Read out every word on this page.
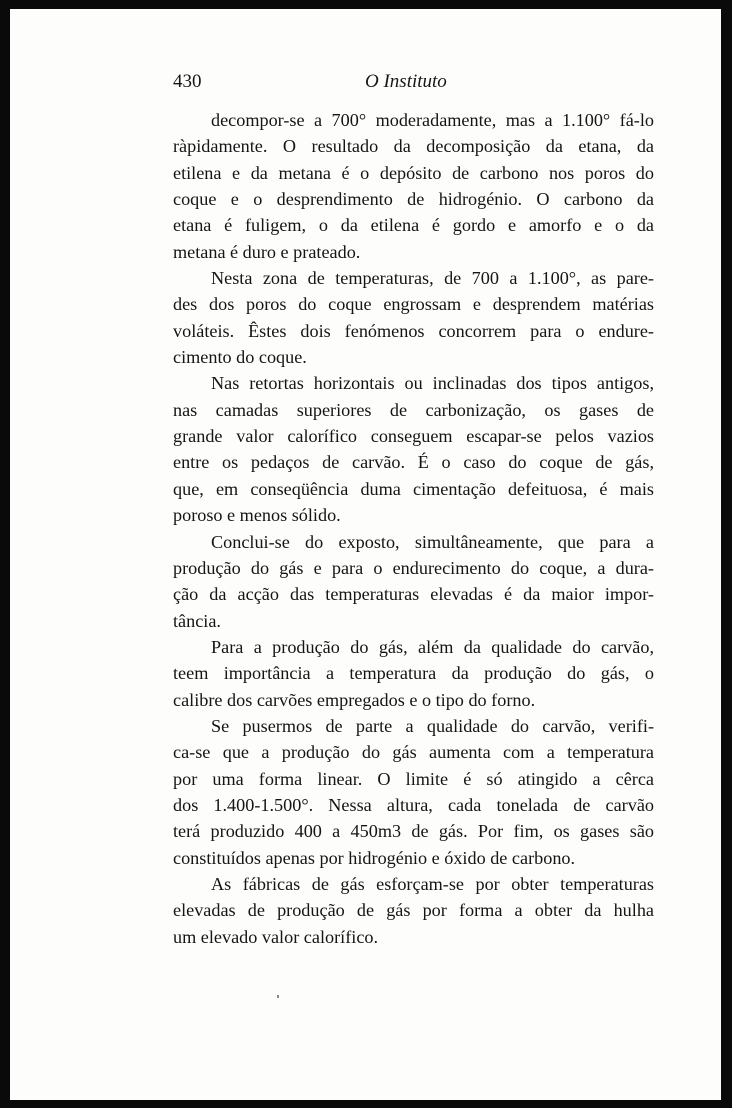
430	O Instituto
decompor-se a 700° moderadamente, mas a 1.100° fá-lo
ràpidamente. O resultado da decomposição da etana, da
etilena e da metana é o depósito de carbono nos poros do
coque e o desprendimento de hidrogénio. O carbono da
etana é fuligem, o da etilena é gordo e amorfo e o da
metana é duro e prateado.
Nesta zona de temperaturas, de 700 a 1.100°, as pare-
des dos poros do coque engrossam e desprendem matérias
voláteis. Êstes dois fenómenos concorrem para o endure-
cimento do coque.
Nas retortas horizontais ou inclinadas dos tipos antigos,
nas camadas superiores de carbonização, os gases de
grande valor calorífico conseguem escapar-se pelos vazios
entre os pedaços de carvão. É o caso do coque de gás,
que, em conseqüência duma cimentação defeituosa, é mais
poroso e menos sólido.
Conclui-se do exposto, simultâneamente, que para a
produção do gás e para o endurecimento do coque, a dura-
ção da acção das temperaturas elevadas é da maior impor-
tância.
Para a produção do gás, além da qualidade do carvão,
teem importância a temperatura da produção do gás, o
calibre dos carvões empregados e o tipo do forno.
Se pusermos de parte a qualidade do carvão, verifi-
ca-se que a produção do gás aumenta com a temperatura
por uma forma linear. O limite é só atingido a cêrca
dos 1.400-1.500°. Nessa altura, cada tonelada de carvão
terá produzido 400 a 450m3 de gás. Por fim, os gases são
constituídos apenas por hidrogénio e óxido de carbono.
As fábricas de gás esforçam-se por obter temperaturas
elevadas de produção de gás por forma a obter da hulha
um elevado valor calorífico.
